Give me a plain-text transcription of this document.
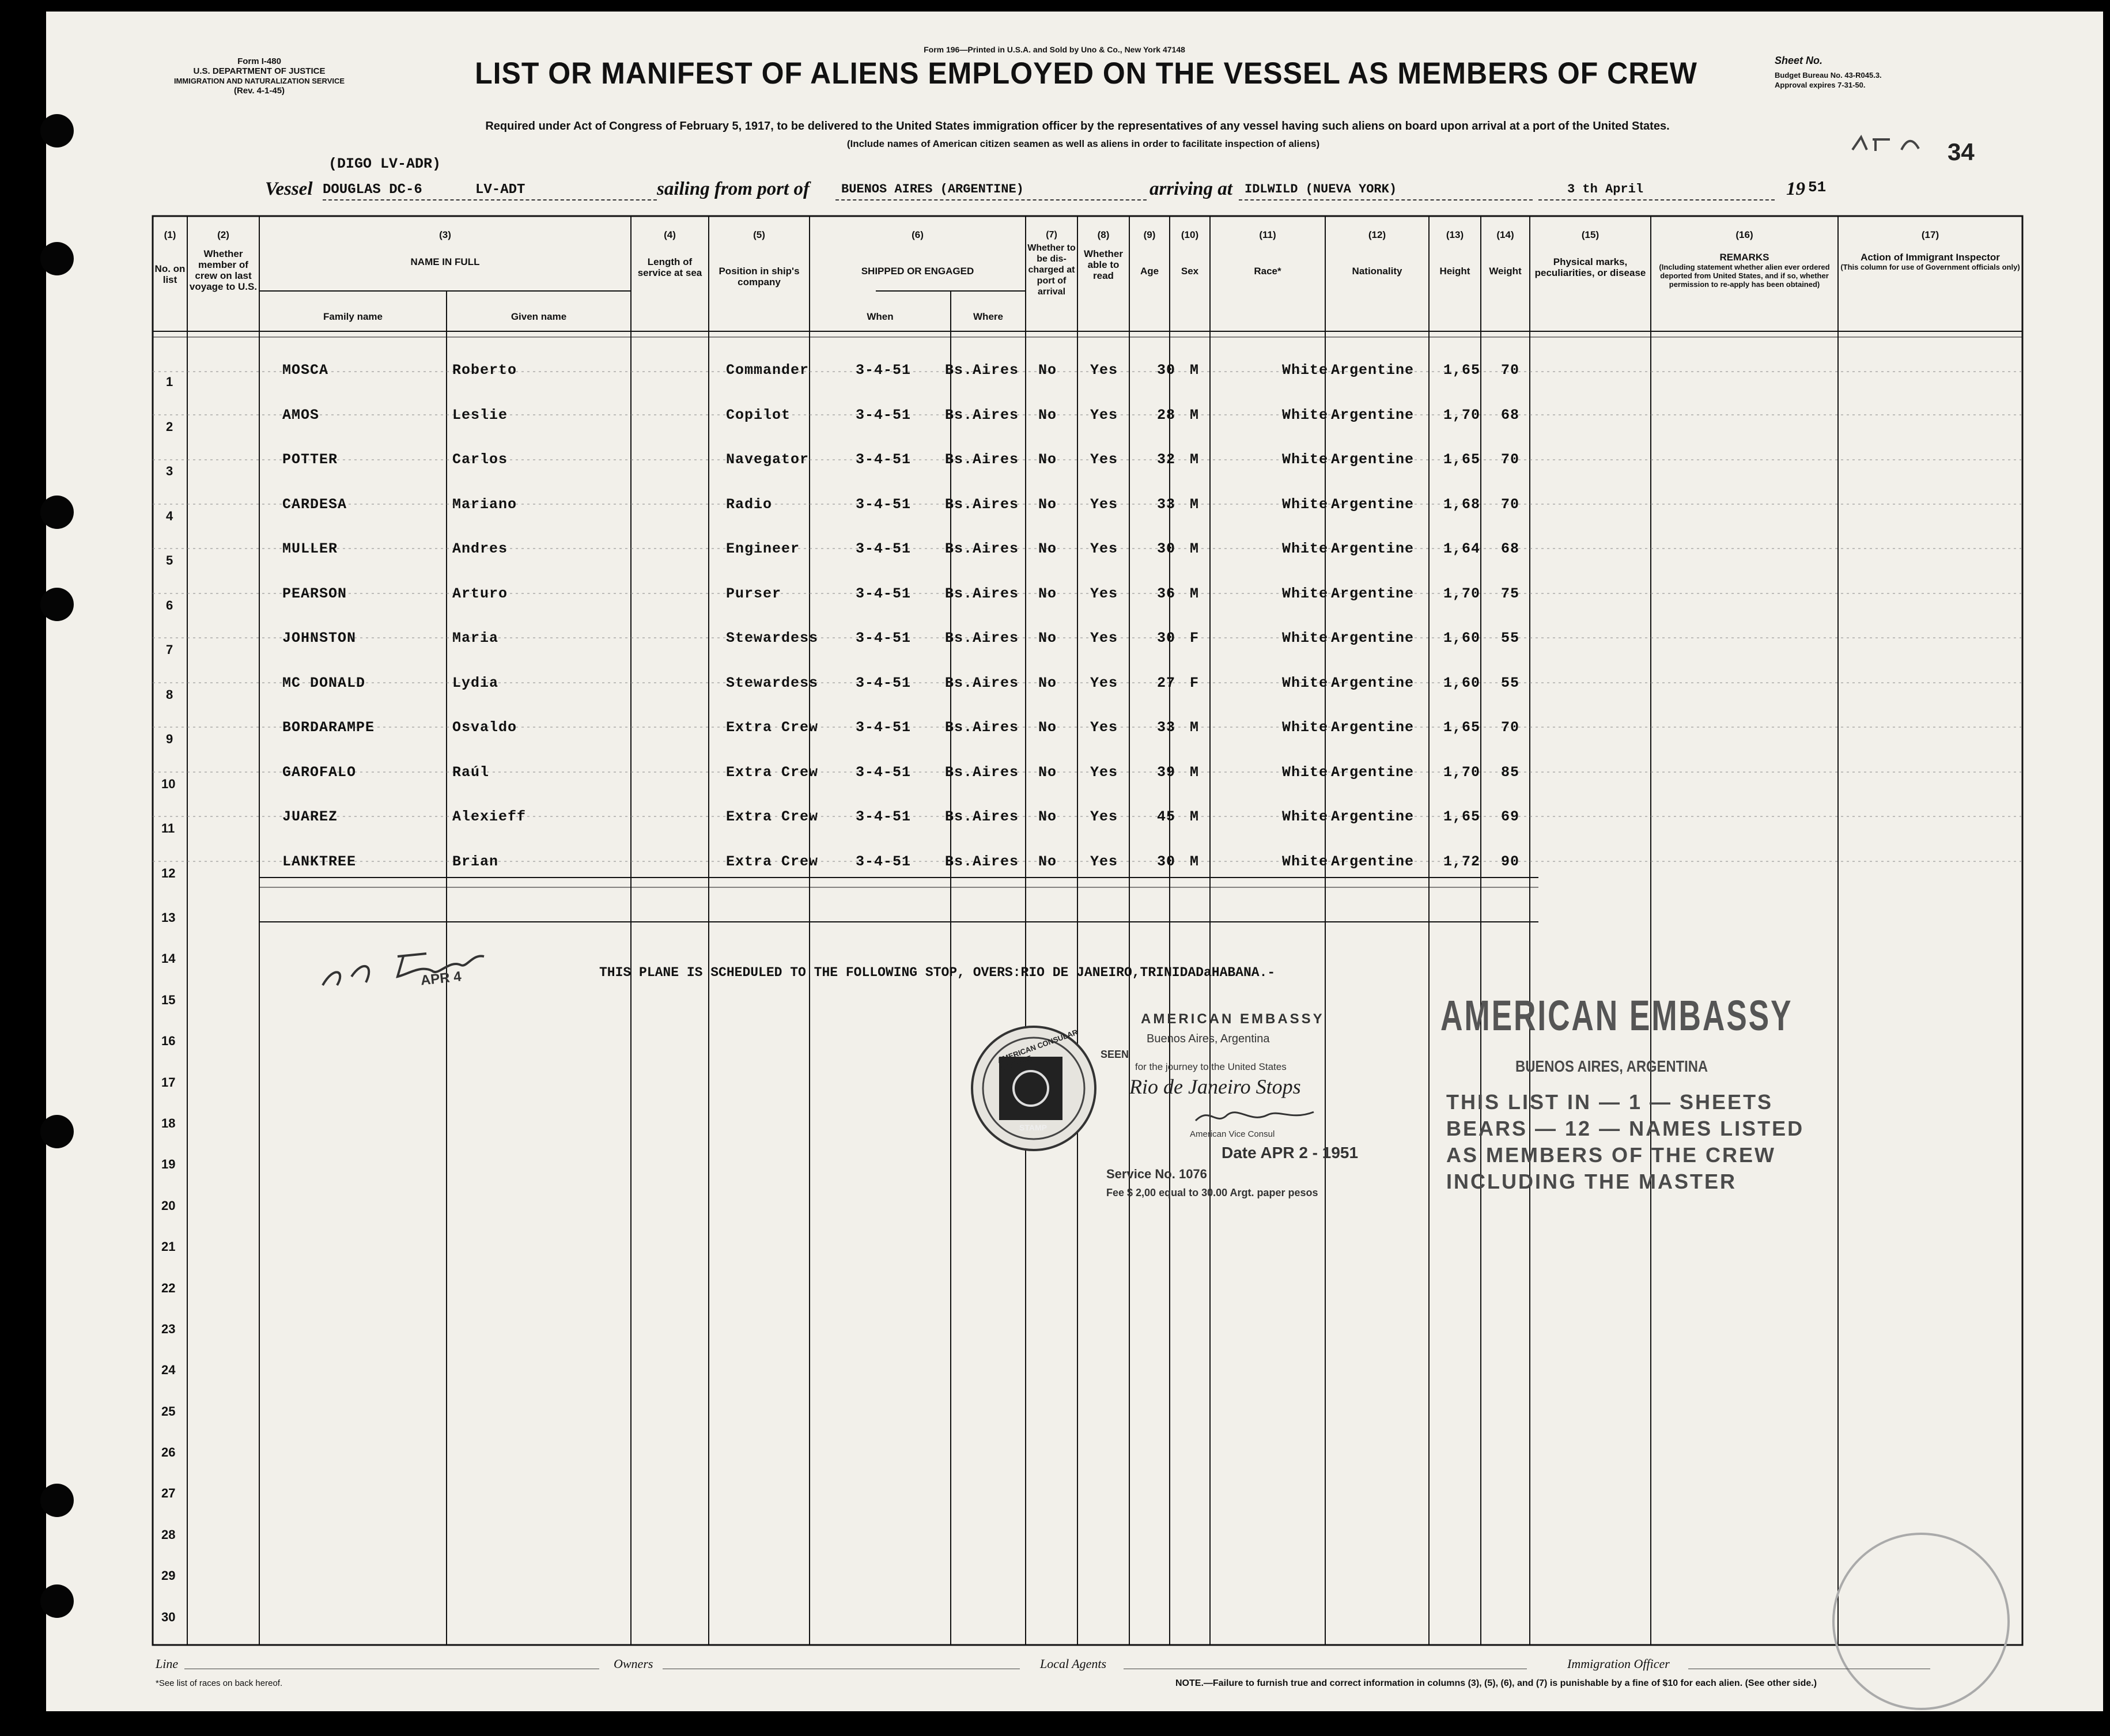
Form I-480
U.S. DEPARTMENT OF JUSTICE
IMMIGRATION AND NATURALIZATION SERVICE
(Rev. 4-1-45)
Form 196—Printed in U.S.A. and Sold by Uno & Co., New York 47148
LIST OR MANIFEST OF ALIENS EMPLOYED ON THE VESSEL AS MEMBERS OF CREW	Sheet No.
Budget Bureau No. 43-R045.3.
Approval expires 7-31-50.
Required under Act of Congress of February 5, 1917, to be delivered to the United States immigration officer by the representatives of any vessel having such aliens on board upon arrival at a port of the United States.
(Include names of American citizen seamen as well as aliens in order to facilitate inspection of aliens)	34
(DIGO LV-ADR)
Vessel DOUGLAS DC-6	LV-ADT	sailing from port of	BUENOS AIRES (ARGENTINE)	arriving at IDLWILD (NUEVA YORK)	3 th April	19 51
(1)
No. on list
(2)
Whether member of crew on last voyage to U.S.
(3)
NAME IN FULL
Family name	Given name
(4)
Length of service at sea
(5)
Position in ship's company
(6)
SHIPPED OR ENGAGED
When	Where
(7)
Whether to be dis-charged at port of arrival
(8)
Whether able to read
(9)
Age
(10)
Sex
(11)
Race*
(12)
Nationality
(13)
Height
(14)
Weight
(15)
Physical marks, peculiarities, or disease
(16)
REMARKS
(Including statement whether alien ever ordered deported from United States, and if so, whether permission to re-apply has been obtained)
(17)
Action of Immigrant Inspector
(This column for use of Government officials only)
1
MOSCA	Roberto	Commander	3-4-51 Bs.Aires No Yes	30 M	White Argentine 1,65 70
2
AMOS	Leslie	Copilot	3-4-51 Bs.Aires No Yes	28 M	White Argentine 1,70 68
3
POTTER	Carlos	Navegator	3-4-51 Bs.Aires No Yes	32 M	White Argentine 1,65 70
4
CARDESA	Mariano	Radio	3-4-51 Bs.Aires No Yes	33 M	White Argentine 1,68 70
5
MULLER	Andres	Engineer	3-4-51 Bs.Aires No Yes	30 M	White Argentine 1,64 68
6
PEARSON	Arturo	Purser	3-4-51 Bs.Aires No Yes	36 M	White Argentine 1,70 75
7
JOHNSTON	Maria	Stewardess	3-4-51 Bs.Aires No Yes	30 F	White Argentine 1,60 55
8
MC DONALD	Lydia	Stewardess	3-4-51 Bs.Aires No Yes	27 F	White Argentine 1,60 55
9
BORDARAMPE	Osvaldo	Extra Crew	3-4-51 Bs.Aires No Yes	33 M	White Argentine 1,65 70
10
GAROFALO	Raúl	Extra Crew	3-4-51 Bs.Aires No Yes	39 M	White Argentine 1,70 85
11
JUAREZ	Alexieff	Extra Crew	3-4-51 Bs.Aires No Yes	45 M	White Argentine 1,65 69
12
LANKTREE	Brian	Extra Crew	3-4-51 Bs.Aires No Yes	30 M	White Argentine 1,72 90
13
14
15
16
17
18
19
20
21
22
23
24
25
26
27
28
29
30
THIS PLANE IS SCHEDULED TO THE FOLLOWING STOP, OVERS:RIO DE JANEIRO,TRINIDADaHABANA.-
APR 4
AMERICAN CONSULAR SERVICE
STAMP
AMERICAN EMBASSY
Buenos Aires, Argentina
SEEN
for the journey to the United States
Rio de Janeiro Stops
American Vice Consul
Date APR 2 - 1951
Service No. 1076
Fee $ 2,00 equal to 30.00 Argt. paper pesos
AMERICAN EMBASSY
BUENOS AIRES, ARGENTINA
THIS LIST IN — 1 — SHEETS
BEARS — 12 — NAMES LISTED
AS MEMBERS OF THE CREW
INCLUDING THE MASTER
Line	Owners	Local Agents	Immigration Officer
*See list of races on back hereof.	NOTE.—Failure to furnish true and correct information in columns (3), (5), (6), and (7) is punishable by a fine of $10 for each alien. (See other side.)
